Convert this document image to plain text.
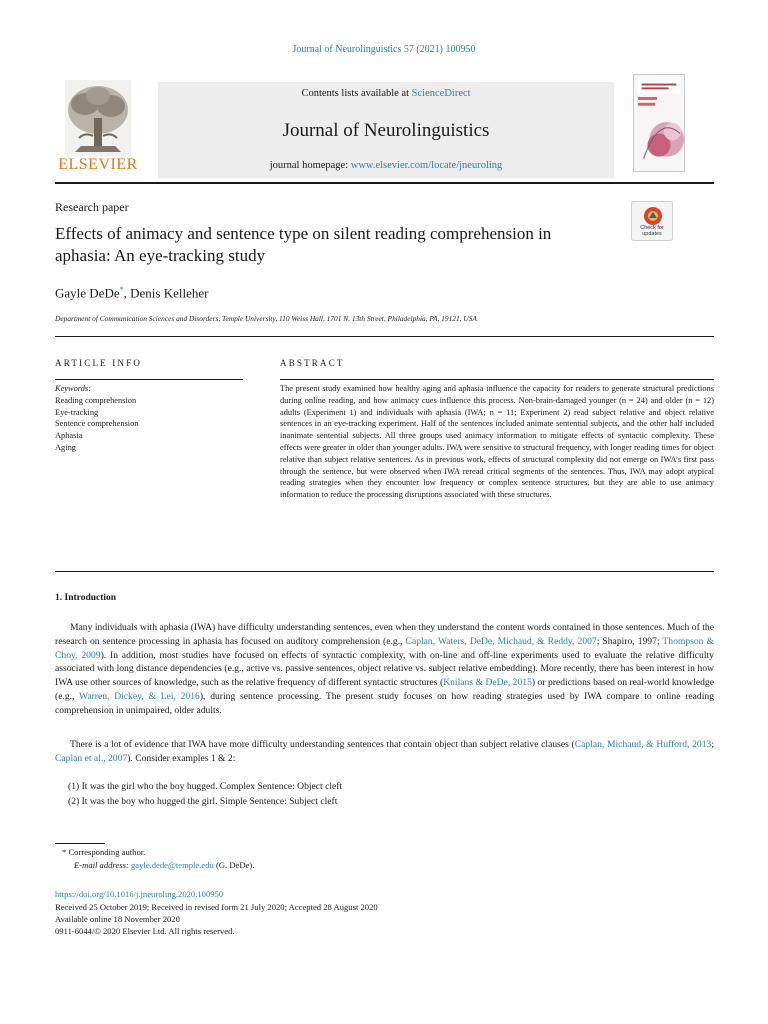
Journal of Neurolinguistics 57 (2021) 100950
ELSEVIER
Contents lists available at ScienceDirect
Journal of Neurolinguistics
journal homepage: www.elsevier.com/locate/jneuroling
Research paper
Effects of animacy and sentence type on silent reading comprehension in aphasia: An eye-tracking study
Check for
updates
Gayle DeDe*, Denis Kelleher
Department of Communication Sciences and Disorders, Temple University, 110 Weiss Hall, 1701 N. 13th Street, Philadelphia, PA, 19121, USA
ARTICLE INFO	ABSTRACT
Keywords:
Reading comprehension
Eye-tracking
Sentence comprehension
Aphasia
Aging
The present study examined how healthy aging and aphasia influence the capacity for readers to generate structural predictions during online reading, and how animacy cues influence this process. Non-brain-damaged younger (n = 24) and older (n = 12) adults (Experiment 1) and individuals with aphasia (IWA; n = 11; Experiment 2) read subject relative and object relative sentences in an eye-tracking experiment. Half of the sentences included animate sentential subjects, and the other half included inanimate sentential subjects. All three groups used animacy information to mitigate effects of syntactic complexity. These effects were greater in older than younger adults. IWA were sensitive to structural frequency, with longer reading times for object relative than subject relative sentences. As in previous work, effects of structural complexity did not emerge on IWA’s first pass through the sentence, but were observed when IWA reread critical segments of the sentences. Thus, IWA may adopt atypical reading strategies when they encounter low frequency or complex sentence structures, but they are able to use animacy information to reduce the processing disruptions associated with these structures.
1. Introduction
Many individuals with aphasia (IWA) have difficulty understanding sentences, even when they understand the content words contained in those sentences. Much of the research on sentence processing in aphasia has focused on auditory comprehension (e.g., Caplan, Waters, DeDe, Michaud, & Reddy, 2007; Shapiro, 1997; Thompson & Choy, 2009). In addition, most studies have focused on effects of syntactic complexity, with on-line and off-line experiments used to evaluate the relative difficulty associated with long distance dependencies (e.g., active vs. passive sentences, object relative vs. subject relative embedding). More recently, there has been interest in how IWA use other sources of knowledge, such as the relative frequency of different syntactic structures (Knilans & DeDe, 2015) or predictions based on real-world knowledge (e.g., Warren, Dickey, & Lei, 2016), during sentence processing. The present study focuses on how reading strategies used by IWA compare to online reading comprehension in unimpaired, older adults.
There is a lot of evidence that IWA have more difficulty understanding sentences that contain object than subject relative clauses (Caplan, Michaud, & Hufford, 2013; Caplan et al., 2007). Consider examples 1 & 2:
(1) It was the girl who the boy hugged. Complex Sentence: Object cleft
(2) It was the boy who hugged the girl. Simple Sentence: Subject cleft
* Corresponding author.
E-mail address: gayle.dede@temple.edu (G. DeDe).
https://doi.org/10.1016/j.jneuroling.2020.100950
Received 25 October 2019; Received in revised form 21 July 2020; Accepted 28 August 2020
Available online 18 November 2020
0911-6044/© 2020 Elsevier Ltd. All rights reserved.
